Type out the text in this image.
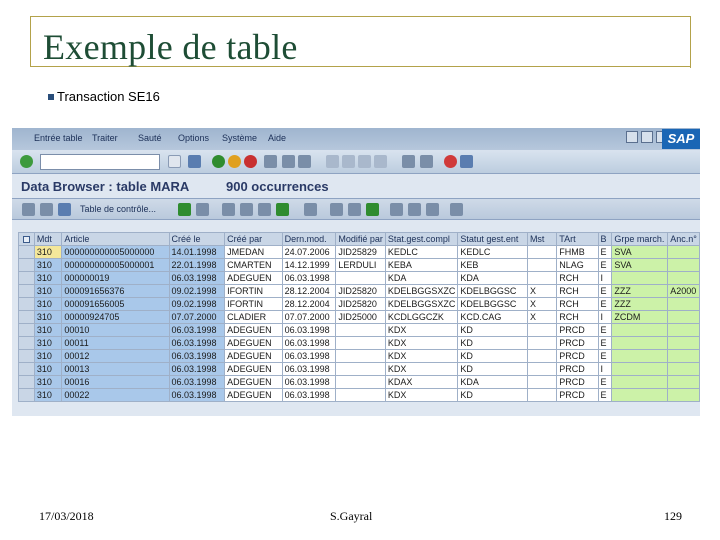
Exemple de table
Transaction SE16
Entrée table Traiter Sauté Options Système Aide	SAP
Data Browser : table MARA	900 occurrences
Table de contrôle...
	Mdt	Article	Créé le	Créé par	Dern.mod.	Modifié par	Stat.gest.compl	Statut gest.ent	Mst	TArt	B	Grpe march.	Anc.n°
	310	000000000005000000	14.01.1998	JMEDAN	24.07.2006	JID25829	KEDLC	KEDLC		FHMB	E	SVA	
	310	000000000005000001	22.01.1998	CMARTEN	14.12.1999	LERDULI	KEBA	KEB		NLAG	E	SVA	
	310	000000019	06.03.1998	ADEGUEN	06.03.1998		KDA	KDA		RCH	I		
	310	000091656376	09.02.1998	IFORTIN	28.12.2004	JID25820	KDELBGGSXZC	KDELBGGSC	X	RCH	E	ZZZ	A2000
	310	000091656005	09.02.1998	IFORTIN	28.12.2004	JID25820	KDELBGGSXZC	KDELBGGSC	X	RCH	E	ZZZ	
	310	00000924705	07.07.2000	CLADIER	07.07.2000	JID25000	KCDLGGCZK	KCD.CAG	X	RCH	I	ZCDM	
	310	00010	06.03.1998	ADEGUEN	06.03.1998		KDX	KD		PRCD	E		
	310	00011	06.03.1998	ADEGUEN	06.03.1998		KDX	KD		PRCD	E		
	310	00012	06.03.1998	ADEGUEN	06.03.1998		KDX	KD		PRCD	E		
	310	00013	06.03.1998	ADEGUEN	06.03.1998		KDX	KD		PRCD	I		
	310	00016	06.03.1998	ADEGUEN	06.03.1998		KDAX	KDA		PRCD	E		
	310	00022	06.03.1998	ADEGUEN	06.03.1998		KDX	KD		PRCD	E		
17/03/2018	S.Gayral	129
